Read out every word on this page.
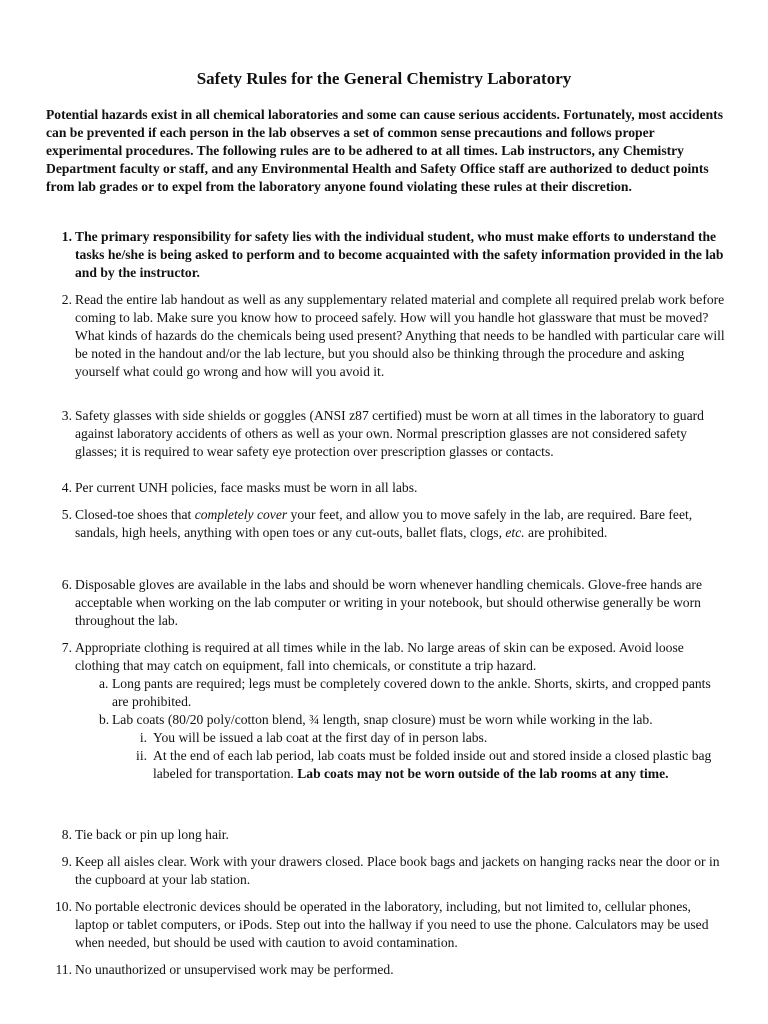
Safety Rules for the General Chemistry Laboratory

Potential hazards exist in all chemical laboratories and some can cause serious accidents. Fortunately, most accidents can be prevented if each person in the lab observes a set of common sense precautions and follows proper experimental procedures. The following rules are to be adhered to at all times. Lab instructors, any Chemistry Department faculty or staff, and any Environmental Health and Safety Office staff are authorized to deduct points from lab grades or to expel from the laboratory anyone found violating these rules at their discretion.

1. The primary responsibility for safety lies with the individual student, who must make efforts to understand the tasks he/she is being asked to perform and to become acquainted with the safety information provided in the lab and by the instructor.
2. Read the entire lab handout as well as any supplementary related material and complete all required prelab work before coming to lab. Make sure you know how to proceed safely. How will you handle hot glassware that must be moved? What kinds of hazards do the chemicals being used present? Anything that needs to be handled with particular care will be noted in the handout and/or the lab lecture, but you should also be thinking through the procedure and asking yourself what could go wrong and how will you avoid it.
3. Safety glasses with side shields or goggles (ANSI z87 certified) must be worn at all times in the laboratory to guard against laboratory accidents of others as well as your own. Normal prescription glasses are not considered safety glasses; it is required to wear safety eye protection over prescription glasses or contacts.
4. Per current UNH policies, face masks must be worn in all labs.
5. Closed-toe shoes that completely cover your feet, and allow you to move safely in the lab, are required. Bare feet, sandals, high heels, anything with open toes or any cut-outs, ballet flats, clogs, etc. are prohibited.
6. Disposable gloves are available in the labs and should be worn whenever handling chemicals. Glove-free hands are acceptable when working on the lab computer or writing in your notebook, but should otherwise generally be worn throughout the lab.
7. Appropriate clothing is required at all times while in the lab. No large areas of skin can be exposed. Avoid loose clothing that may catch on equipment, fall into chemicals, or constitute a trip hazard.
a. Long pants are required; legs must be completely covered down to the ankle. Shorts, skirts, and cropped pants are prohibited.
b. Lab coats (80/20 poly/cotton blend, ¾ length, snap closure) must be worn while working in the lab.
i. You will be issued a lab coat at the first day of in person labs.
ii. At the end of each lab period, lab coats must be folded inside out and stored inside a closed plastic bag labeled for transportation. Lab coats may not be worn outside of the lab rooms at any time.
8. Tie back or pin up long hair.
9. Keep all aisles clear. Work with your drawers closed. Place book bags and jackets on hanging racks near the door or in the cupboard at your lab station.
10. No portable electronic devices should be operated in the laboratory, including, but not limited to, cellular phones, laptop or tablet computers, or iPods. Step out into the hallway if you need to use the phone. Calculators may be used when needed, but should be used with caution to avoid contamination.
11. No unauthorized or unsupervised work may be performed.
